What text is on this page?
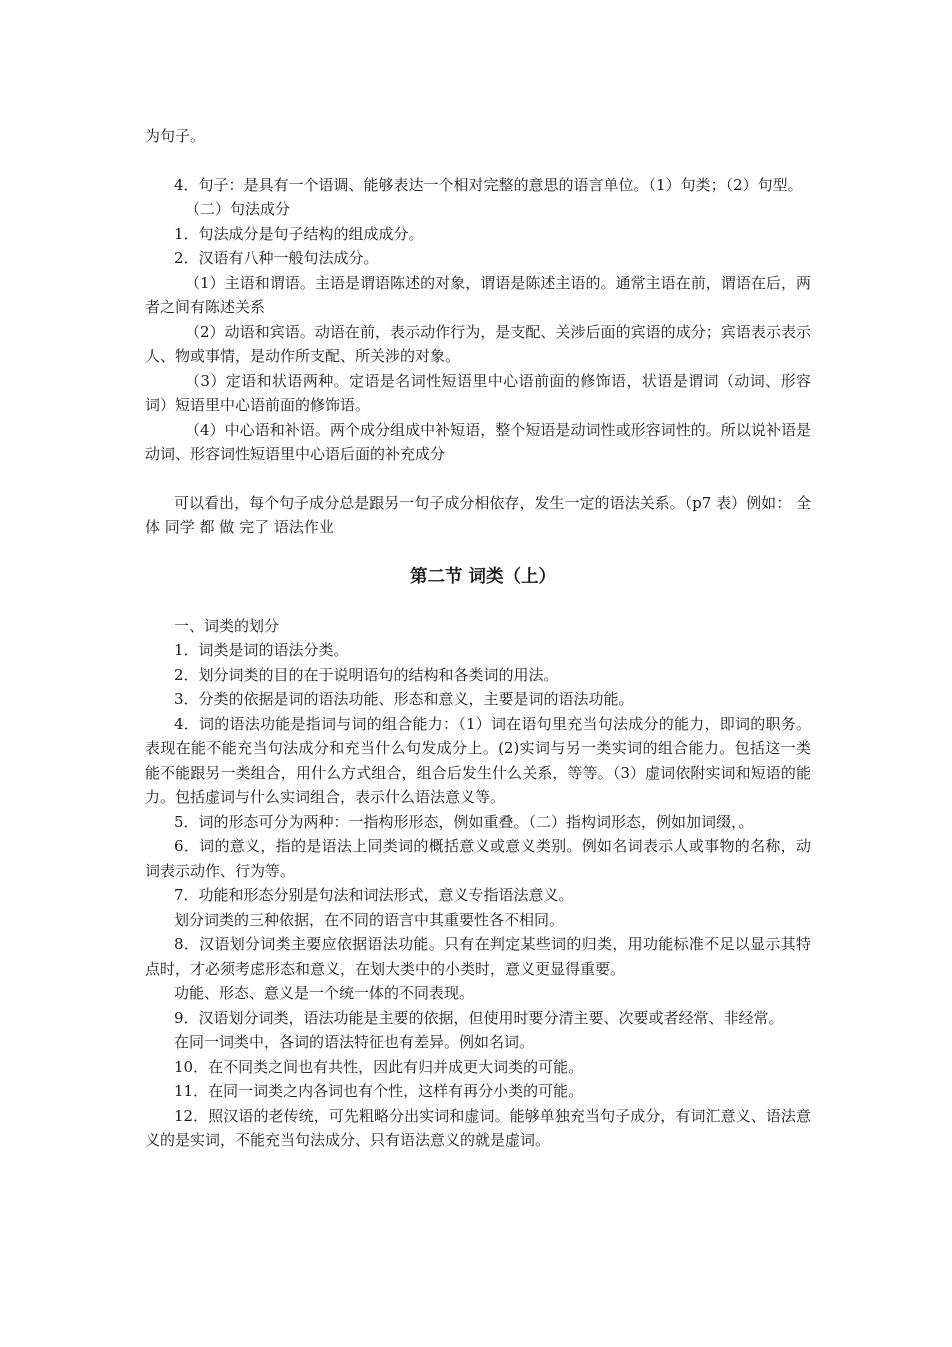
为句子。

4．句子：是具有一个语调、能够表达一个相对完整的意思的语言单位。（1）句类；（2）句型。

（二）句法成分

1．句法成分是句子结构的组成成分。

2．汉语有八种一般句法成分。

（1）主语和谓语。主语是谓语陈述的对象，谓语是陈述主语的。通常主语在前，谓语在后，两者之间有陈述关系

（2）动语和宾语。动语在前，表示动作行为，是支配、关涉后面的宾语的成分；宾语表示表示人、物或事情，是动作所支配、所关涉的对象。

（3）定语和状语两种。定语是名词性短语里中心语前面的修饰语，状语是谓词（动词、形容词）短语里中心语前面的修饰语。

（4）中心语和补语。两个成分组成中补短语，整个短语是动词性或形容词性的。所以说补语是动词、形容词性短语里中心语后面的补充成分

可以看出，每个句子成分总是跟另一句子成分相依存，发生一定的语法关系。（p7 表）例如： 全体 同学 都 做 完了 语法作业

第二节 词类（上）

一、词类的划分

1．词类是词的语法分类。

2．划分词类的目的在于说明语句的结构和各类词的用法。

3．分类的依据是词的语法功能、形态和意义，主要是词的语法功能。

4．词的语法功能是指词与词的组合能力：（1）词在语句里充当句法成分的能力，即词的职务。表现在能不能充当句法成分和充当什么句发成分上。(2)实词与另一类实词的组合能力。包括这一类能不能跟另一类组合，用什么方式组合，组合后发生什么关系，等等。（3）虚词依附实词和短语的能力。包括虚词与什么实词组合，表示什么语法意义等。

5．词的形态可分为两种：一指构形形态，例如重叠。（二）指构词形态，例如加词缀，。

6．词的意义，指的是语法上同类词的概括意义或意义类别。例如名词表示人或事物的名称，动词表示动作、行为等。

7．功能和形态分别是句法和词法形式，意义专指语法意义。

划分词类的三种依据，在不同的语言中其重要性各不相同。

8．汉语划分词类主要应依据语法功能。只有在判定某些词的归类，用功能标准不足以显示其特点时，才必须考虑形态和意义，在划大类中的小类时，意义更显得重要。

功能、形态、意义是一个统一体的不同表现。

9．汉语划分词类，语法功能是主要的依据，但使用时要分清主要、次要或者经常、非经常。

在同一词类中，各词的语法特征也有差异。例如名词。

10．在不同类之间也有共性，因此有归并成更大词类的可能。

11．在同一词类之内各词也有个性，这样有再分小类的可能。

12．照汉语的老传统，可先粗略分出实词和虚词。能够单独充当句子成分，有词汇意义、语法意义的是实词，不能充当句法成分、只有语法意义的就是虚词。
